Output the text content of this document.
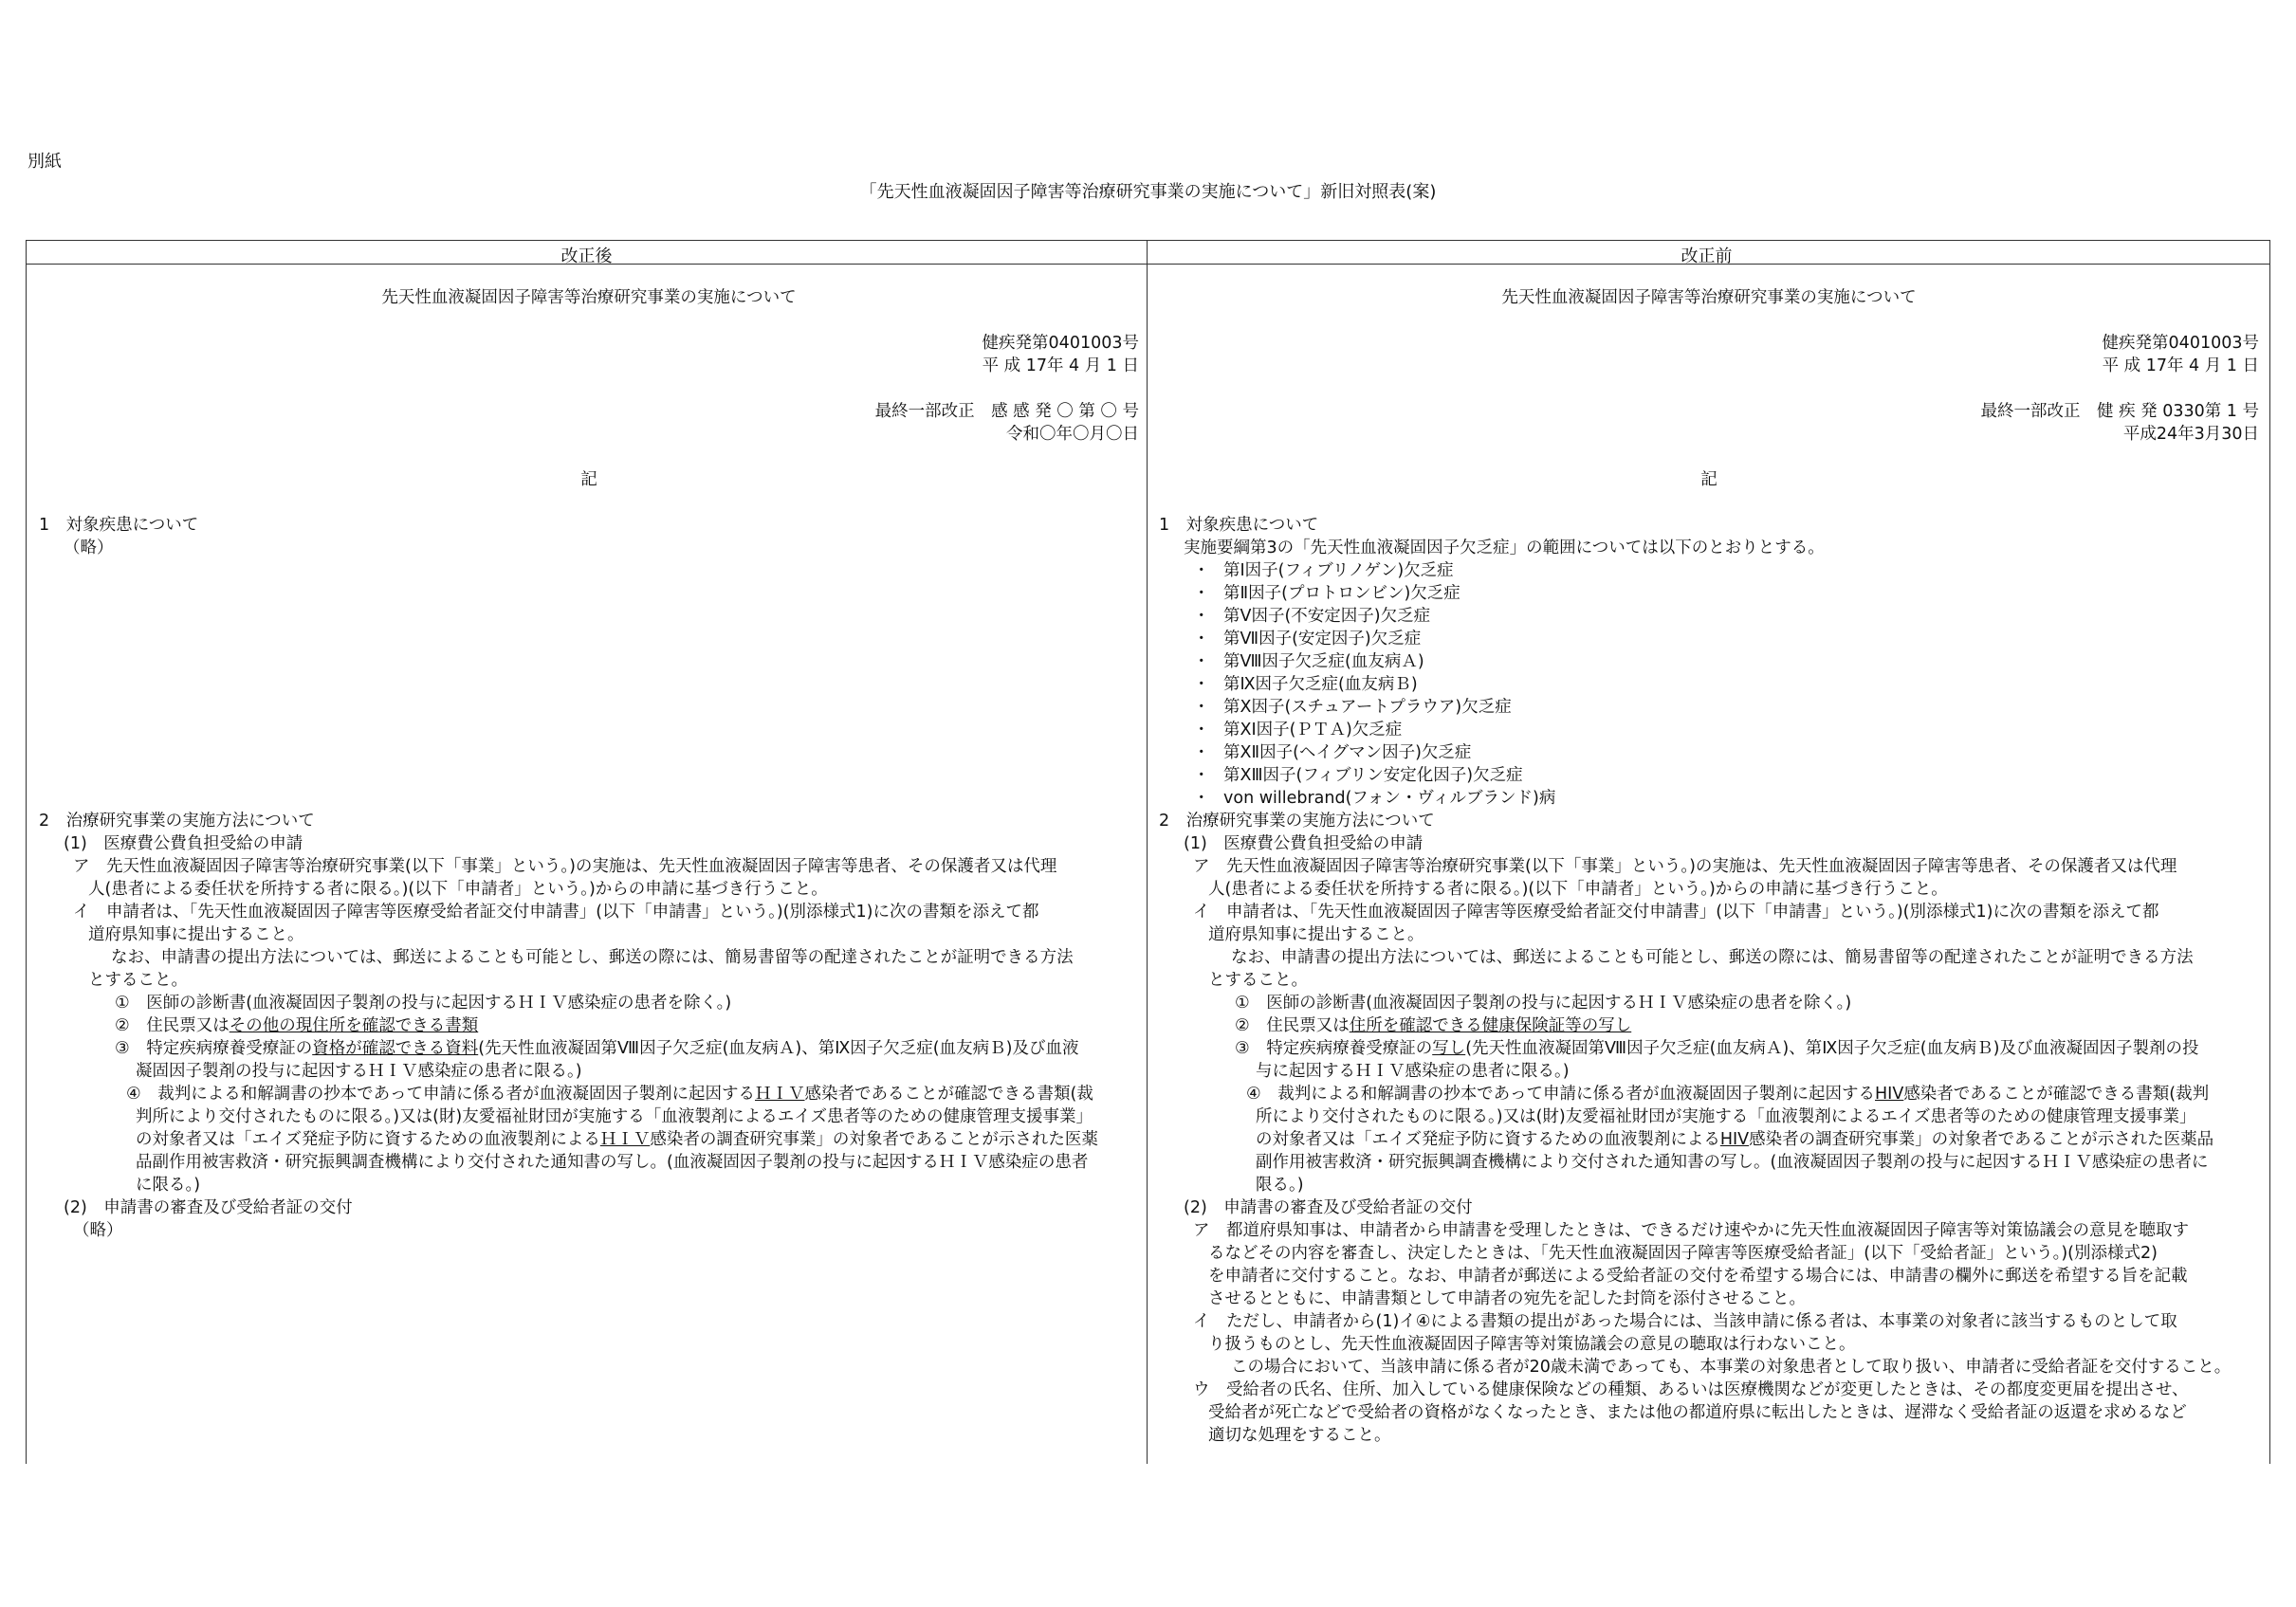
別紙
「先天性血液凝固因子障害等治療研究事業の実施について」新旧対照表(案)
改正後	改正前
先天性血液凝固因子障害等治療研究事業の実施について
健疾発第0401003号
平 成 17年 4 月 1 日
最終一部改正　感 感 発 〇 第 〇 号
令和〇年〇月〇日
記
1　対象疾患について
（略）
2　治療研究事業の実施方法について
(1)　医療費公費負担受給の申請
ア　先天性血液凝固因子障害等治療研究事業(以下「事業」という。)の実施は、先天性血液凝固因子障害等患者、その保護者又は代理
人(患者による委任状を所持する者に限る。)(以下「申請者」という。)からの申請に基づき行うこと。
イ　申請者は、「先天性血液凝固因子障害等医療受給者証交付申請書」(以下「申請書」という。)(別添様式1)に次の書類を添えて都
道府県知事に提出すること。
なお、申請書の提出方法については、郵送によることも可能とし、郵送の際には、簡易書留等の配達されたことが証明できる方法
とすること。
①　医師の診断書(血液凝固因子製剤の投与に起因するＨＩＶ感染症の患者を除く。)
②　住民票又はその他の現住所を確認できる書類
③　特定疾病療養受療証の資格が確認できる資料(先天性血液凝固第Ⅷ因子欠乏症(血友病Ａ)、第Ⅸ因子欠乏症(血友病Ｂ)及び血液
凝固因子製剤の投与に起因するＨＩＶ感染症の患者に限る。)
④　裁判による和解調書の抄本であって申請に係る者が血液凝固因子製剤に起因するＨＩＶ感染者であることが確認できる書類(裁
判所により交付されたものに限る。)又は(財)友愛福祉財団が実施する「血液製剤によるエイズ患者等のための健康管理支援事業」
の対象者又は「エイズ発症予防に資するための血液製剤によるＨＩＶ感染者の調査研究事業」の対象者であることが示された医薬
品副作用被害救済・研究振興調査機構により交付された通知書の写し。(血液凝固因子製剤の投与に起因するＨＩＶ感染症の患者
に限る。)
(2)　申請書の審査及び受給者証の交付
（略）
先天性血液凝固因子障害等治療研究事業の実施について
健疾発第0401003号
平 成 17年 4 月 1 日
最終一部改正　健 疾 発 0330第 1 号
平成24年3月30日
記
1　対象疾患について
実施要綱第3の「先天性血液凝固因子欠乏症」の範囲については以下のとおりとする。
・ 第Ⅰ因子(フィブリノゲン)欠乏症
・ 第Ⅱ因子(プロトロンビン)欠乏症
・ 第Ⅴ因子(不安定因子)欠乏症
・ 第Ⅶ因子(安定因子)欠乏症
・ 第Ⅷ因子欠乏症(血友病Ａ)
・ 第Ⅸ因子欠乏症(血友病Ｂ)
・ 第Ⅹ因子(スチュアートプラウア)欠乏症
・ 第ⅩⅠ因子(ＰＴＡ)欠乏症
・ 第ⅩⅡ因子(ヘイグマン因子)欠乏症
・ 第ⅩⅢ因子(フィブリン安定化因子)欠乏症
・ von willebrand(フォン・ヴィルブランド)病
2　治療研究事業の実施方法について
(1)　医療費公費負担受給の申請
ア　先天性血液凝固因子障害等治療研究事業(以下「事業」という。)の実施は、先天性血液凝固因子障害等患者、その保護者又は代理
人(患者による委任状を所持する者に限る。)(以下「申請者」という。)からの申請に基づき行うこと。
イ　申請者は、「先天性血液凝固因子障害等医療受給者証交付申請書」(以下「申請書」という。)(別添様式1)に次の書類を添えて都
道府県知事に提出すること。
なお、申請書の提出方法については、郵送によることも可能とし、郵送の際には、簡易書留等の配達されたことが証明できる方法
とすること。
①　医師の診断書(血液凝固因子製剤の投与に起因するＨＩＶ感染症の患者を除く。)
②　住民票又は住所を確認できる健康保険証等の写し
③　特定疾病療養受療証の写し(先天性血液凝固第Ⅷ因子欠乏症(血友病Ａ)、第Ⅸ因子欠乏症(血友病Ｂ)及び血液凝固因子製剤の投
与に起因するＨＩＶ感染症の患者に限る。)
④　裁判による和解調書の抄本であって申請に係る者が血液凝固因子製剤に起因するHIV感染者であることが確認できる書類(裁判
所により交付されたものに限る。)又は(財)友愛福祉財団が実施する「血液製剤によるエイズ患者等のための健康管理支援事業」
の対象者又は「エイズ発症予防に資するための血液製剤によるHIV感染者の調査研究事業」の対象者であることが示された医薬品
副作用被害救済・研究振興調査機構により交付された通知書の写し。(血液凝固因子製剤の投与に起因するＨＩＶ感染症の患者に
限る。)
(2)　申請書の審査及び受給者証の交付
ア　都道府県知事は、申請者から申請書を受理したときは、できるだけ速やかに先天性血液凝固因子障害等対策協議会の意見を聴取す
るなどその内容を審査し、決定したときは、「先天性血液凝固因子障害等医療受給者証」(以下「受給者証」という。)(別添様式2)
を申請者に交付すること。なお、申請者が郵送による受給者証の交付を希望する場合には、申請書の欄外に郵送を希望する旨を記載
させるとともに、申請書類として申請者の宛先を記した封筒を添付させること。
イ　ただし、申請者から(1)イ④による書類の提出があった場合には、当該申請に係る者は、本事業の対象者に該当するものとして取
り扱うものとし、先天性血液凝固因子障害等対策協議会の意見の聴取は行わないこと。
この場合において、当該申請に係る者が20歳未満であっても、本事業の対象患者として取り扱い、申請者に受給者証を交付すること。
ウ　受給者の氏名、住所、加入している健康保険などの種類、あるいは医療機関などが変更したときは、その都度変更届を提出させ、
受給者が死亡などで受給者の資格がなくなったとき、または他の都道府県に転出したときは、遅滞なく受給者証の返還を求めるなど
適切な処理をすること。
